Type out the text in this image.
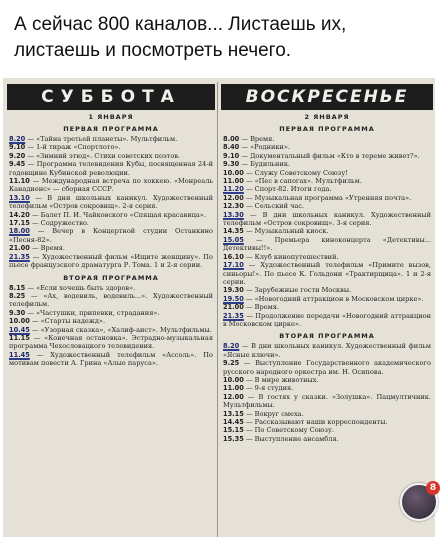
А сейчас 800 каналов... Листаешь их,
листаешь и посмотреть нечего.
СУББОТА
1 ЯНВАРЯ
ПЕРВАЯ ПРОГРАММА
8.20 — «Тайна третьей планеты». Мультфильм.
9.10 — 1-й тираж «Спортлото».
9.20 — «Зимний этюд». Стихи советских поэтов.
9.45 — Программа телевидения Кубы, посвященная 24-й годовщине Кубинской революции.
11.10 — Международная встреча по хоккею. «Монреаль Канадиенс» — сборная СССР.
13.10 — В дни школьных каникул. Художественный телефильм «Остров сокровищ». 2-я серия.
14.20 — Балет П. И. Чайковского «Спящая красавица».
17.15 — Содружество.
18.00 — Вечер в Концертной студии Останкино «Песня-82».
21.00 — Время.
21.35 — Художественный фильм «Ищите женщину». По пьесе французского драматурга Р. Тома. 1 и 2-я серии.
ВТОРАЯ ПРОГРАММА
8.15 — «Если хочешь быть здоров».
8.25 — «Ах, водевиль, водевиль...». Художественный телефильм.
9.30 — «Частушки, припевки, страдания».
10.00 — «Старты надежд».
10.45 — «Узорная сказка», «Халиф-аист». Мультфильмы.
11.15 — «Конечная остановка». Эстрадно-музыкальная программа Чехословацкого телевидения.
11.45 — Художественный телефильм «Ассоль». По мотивам повести А. Грина «Алые паруса».
ВОСКРЕСЕНЬЕ
2 ЯНВАРЯ
ПЕРВАЯ ПРОГРАММА
8.00 — Время.
8.40 — «Родники».
9.10 — Документальный фильм «Кто в тереме живет?».
9.30 — Будильник.
10.00 — Служу Советскому Союзу!
11.00 — «Пес в сапогах». Мультфильм.
11.20 — Спорт-82. Итоги года.
12.00 — Музыкальная программа «Утренняя почта».
12.30 — Сельский час.
13.30 — В дни школьных каникул. Художественный телефильм «Остров сокровищ». 3-я серия.
14.35 — Музыкальный киоск.
15.05 — Премьера киноконцерта «Детективы... Детективы!!».
16.10 — Клуб кинопутешествий.
17.10 — Художественный телефильм «Примите вызов, синьоры!». По пьесе К. Гольдони «Трактирщица». 1 и 2-я серии.
19.30 — Зарубежные гости Москвы.
19.50 — «Новогодний аттракцион в Московском цирке».
21.00 — Время.
21.35 — Продолжение передачи «Новогодний аттракцион в Московском цирке».
ВТОРАЯ ПРОГРАММА
8.20 — В дни школьных каникул. Художественный фильм «Ясные ключи».
9.25 — Выступление Государственного академического русского народного оркестра им. Н. Осипова.
10.00 — В мире животных.
11.00 — 9-я студия.
12.00 — В гостях у сказки. «Золушка». Пацмултичник. Мультфильмы.
13.15 — Вокруг смеха.
14.45 — Рассказывают наши корреспонденты.
15.15 — По Советскому Союзу.
15.35 — Выступление ансамбля.
8
